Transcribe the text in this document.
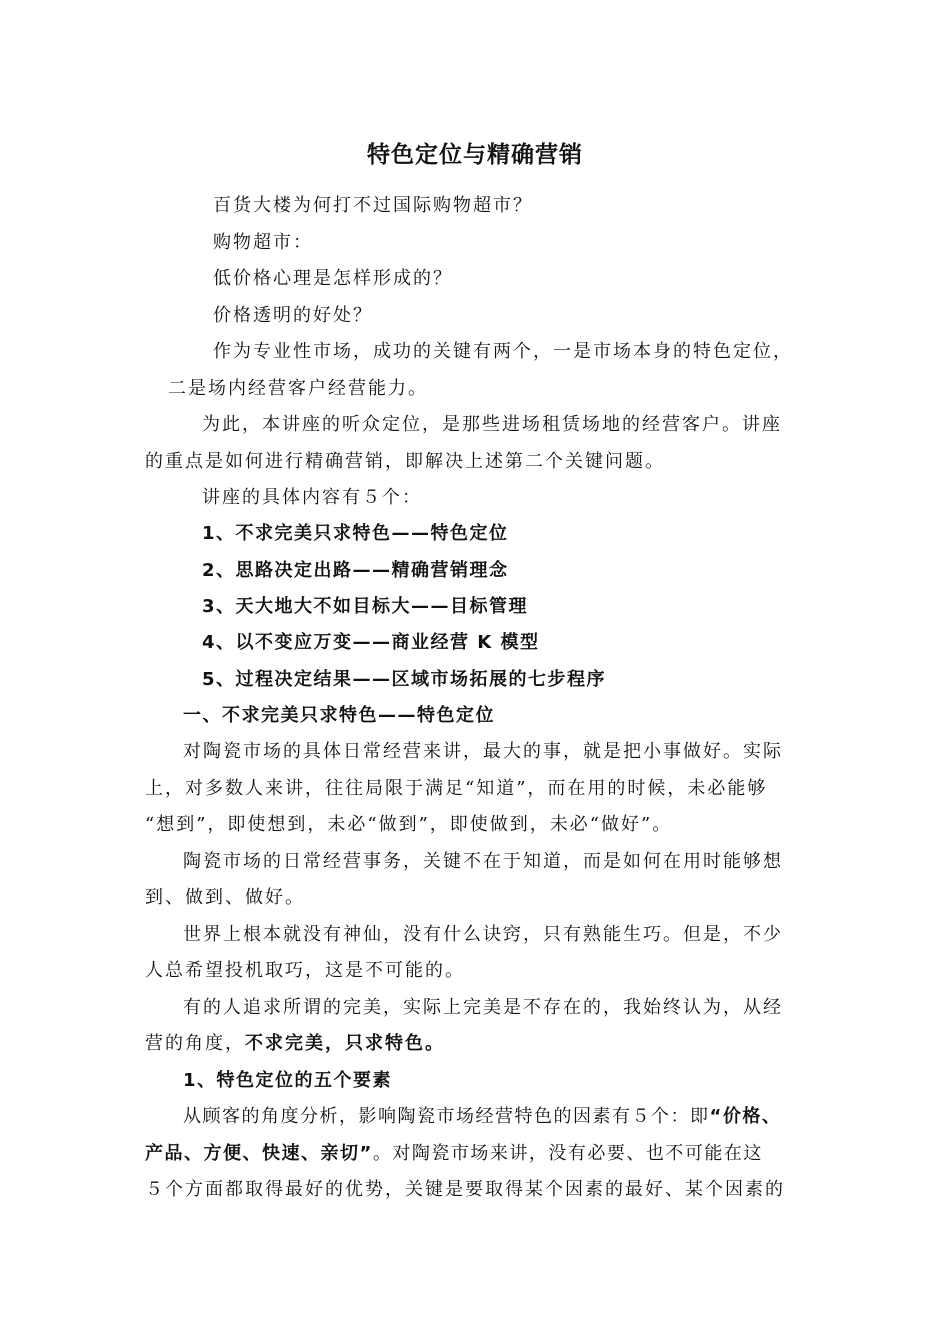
特色定位与精确营销
百货大楼为何打不过国际购物超市？
购物超市：
低价格心理是怎样形成的？
价格透明的好处？
作为专业性市场，成功的关键有两个，一是市场本身的特色定位，
二是场内经营客户经营能力。
为此，本讲座的听众定位，是那些进场租赁场地的经营客户。讲座
的重点是如何进行精确营销，即解决上述第二个关键问题。
讲座的具体内容有５个：
1、不求完美只求特色——特色定位
2、思路决定出路——精确营销理念
3、天大地大不如目标大——目标管理
4、以不变应万变——商业经营 K 模型
5、过程决定结果——区域市场拓展的七步程序
一、不求完美只求特色——特色定位
对陶瓷市场的具体日常经营来讲，最大的事，就是把小事做好。实际
上，对多数人来讲，往往局限于满足“知道”，而在用的时候，未必能够
“想到”，即使想到，未必“做到”，即使做到，未必“做好”。
陶瓷市场的日常经营事务，关键不在于知道，而是如何在用时能够想
到、做到、做好。
世界上根本就没有神仙，没有什么诀窍，只有熟能生巧。但是，不少
人总希望投机取巧，这是不可能的。
有的人追求所谓的完美，实际上完美是不存在的，我始终认为，从经
营的角度，不求完美，只求特色。
1、特色定位的五个要素
从顾客的角度分析，影响陶瓷市场经营特色的因素有５个：即“价格、
产品、方便、快速、亲切”。对陶瓷市场来讲，没有必要、也不可能在这
５个方面都取得最好的优势，关键是要取得某个因素的最好、某个因素的
